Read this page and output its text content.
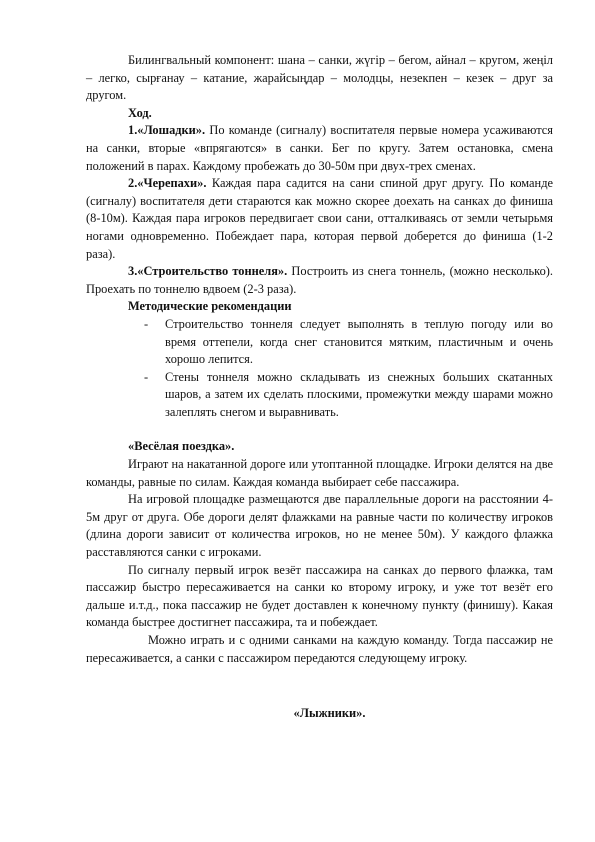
Билингвальный компонент: шана – санки, жүгір – бегом, айнал – кругом, жеңіл – легко, сырғанау – катание, жарайсыңдар – молодцы, незекпен – кезек – друг за другом.

Ход.

1.«Лошадки». По команде (сигналу) воспитателя первые номера усаживаются на санки, вторые «впрягаются» в санки. Бег по кругу. Затем остановка, смена положений в парах. Каждому пробежать до 30-50м при двух-трех сменах.

2.«Черепахи». Каждая пара садится на сани спиной друг другу. По команде (сигналу) воспитателя дети стараются как можно скорее доехать на санках до финиша (8-10м). Каждая пара игроков передвигает свои сани, отталкиваясь от земли четырьмя ногами одновременно. Побеждает пара, которая первой доберется до финиша (1-2 раза).

3.«Строительство тоннеля». Построить из снега тоннель, (можно несколько). Проехать по тоннелю вдвоем (2-3 раза).

Методические рекомендации

- Строительство тоннеля следует выполнять в теплую погоду или во время оттепели, когда снег становится мятким, пластичным и очень хорошо лепится.
- Стены тоннеля можно складывать из снежных больших скатанных шаров, а затем их сделать плоскими, промежутки между шарами можно залеплять снегом и выравнивать.

«Весёлая поездка».

Играют на накатанной дороге или утоптанной площадке. Игроки делятся на две команды, равные по силам. Каждая команда выбирает себе пассажира.

На игровой площадке размещаются две параллельные дороги на расстоянии 4-5м друг от друга. Обе дороги делят флажками на равные части по количеству игроков (длина дороги зависит от количества игроков, но не менее 50м). У каждого флажка расставляются санки с игроками.

По сигналу первый игрок везёт пассажира на санках до первого флажка, там пассажир быстро пересаживается на санки ко второму игроку, и уже тот везёт его дальше и.т.д., пока пассажир не будет доставлен к конечному пункту (финишу). Какая команда быстрее достигнет пассажира, та и побеждает.

Можно играть и с одними санками на каждую команду. Тогда пассажир не пересаживается, а санки с пассажиром передаются следующему игроку.

«Лыжники».
